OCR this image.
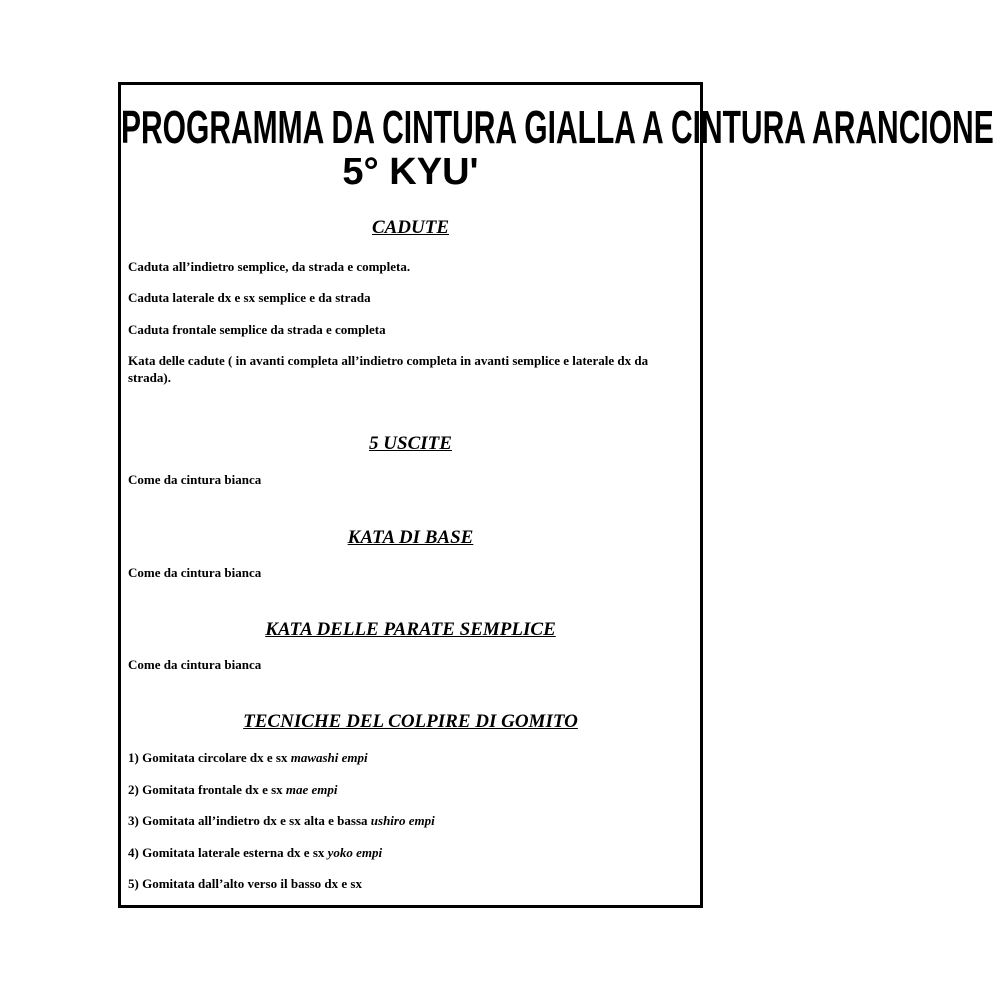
PROGRAMMA DA CINTURA GIALLA A CINTURA ARANCIONE
5° KYU'
CADUTE
Caduta all’indietro semplice, da strada e completa.
Caduta laterale dx e sx semplice e da strada
Caduta frontale semplice da strada e completa
Kata delle cadute ( in avanti completa all’indietro completa in avanti semplice e laterale dx da strada).
5 USCITE
Come da cintura bianca
KATA DI BASE
Come da cintura bianca
KATA DELLE PARATE SEMPLICE
Come da cintura bianca
TECNICHE DEL COLPIRE DI GOMITO
1) Gomitata circolare dx e sx mawashi empi
2) Gomitata frontale dx e sx mae empi
3) Gomitata all’indietro dx e sx alta e bassa ushiro empi
4) Gomitata laterale esterna dx e sx yoko empi
5) Gomitata dall’alto verso il basso dx e sx
